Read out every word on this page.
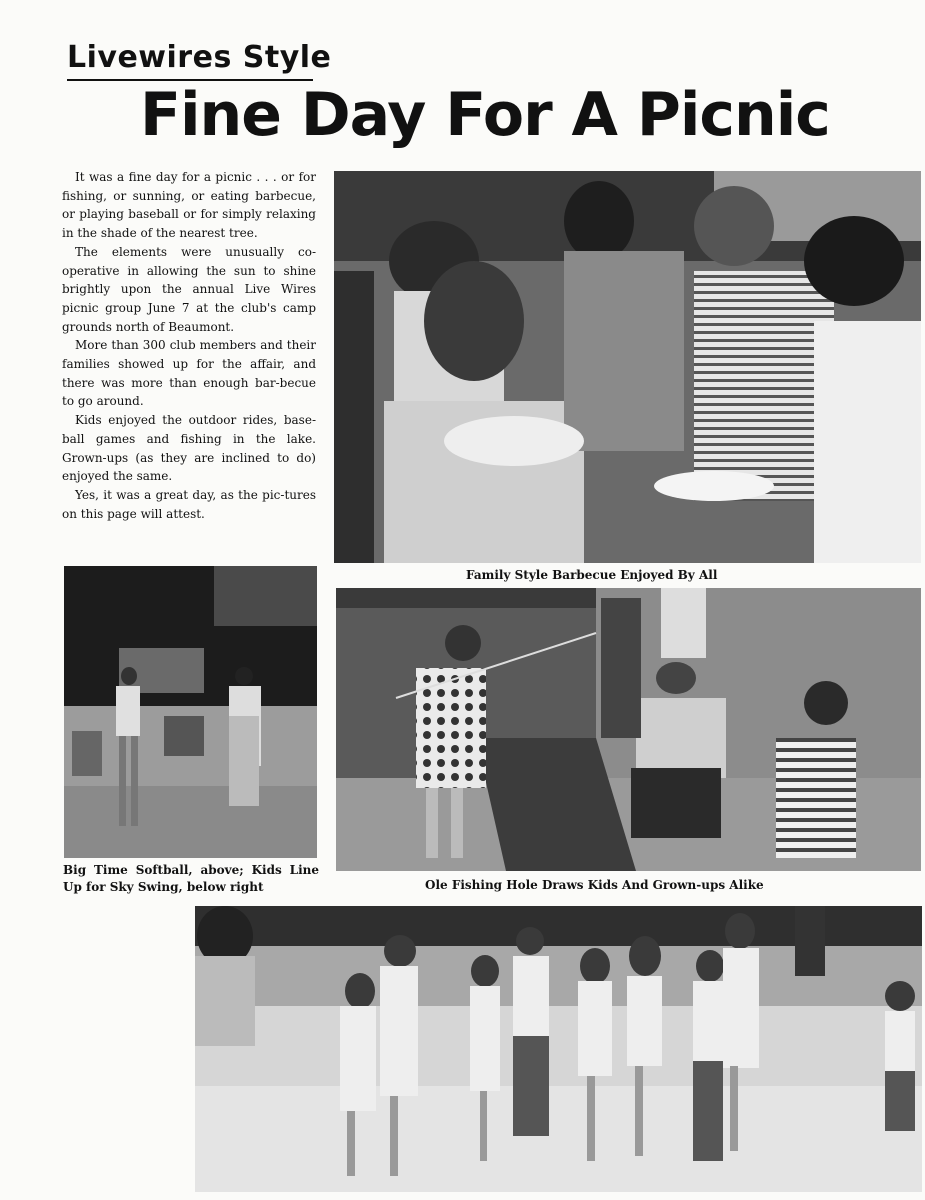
Livewires Style
Fine Day For A Picnic

It was a fine day for a picnic . . . or for fishing, or sunning, or eating barbecue, or playing baseball or for simply relaxing in the shade of the nearest tree.

The elements were unusually co-operative in allowing the sun to shine brightly upon the annual Live Wires picnic group June 7 at the club's camp grounds north of Beaumont.

More than 300 club members and their families showed up for the affair, and there was more than enough bar-becue to go around.

Kids enjoyed the outdoor rides, base-ball games and fishing in the lake. Grown-ups (as they are inclined to do) enjoyed the same.

Yes, it was a great day, as the pic-tures on this page will attest.

Family Style Barbecue Enjoyed By All
Big Time Softball, above; Kids Line Up for Sky Swing, below right	Ole Fishing Hole Draws Kids And Grown-ups Alike
